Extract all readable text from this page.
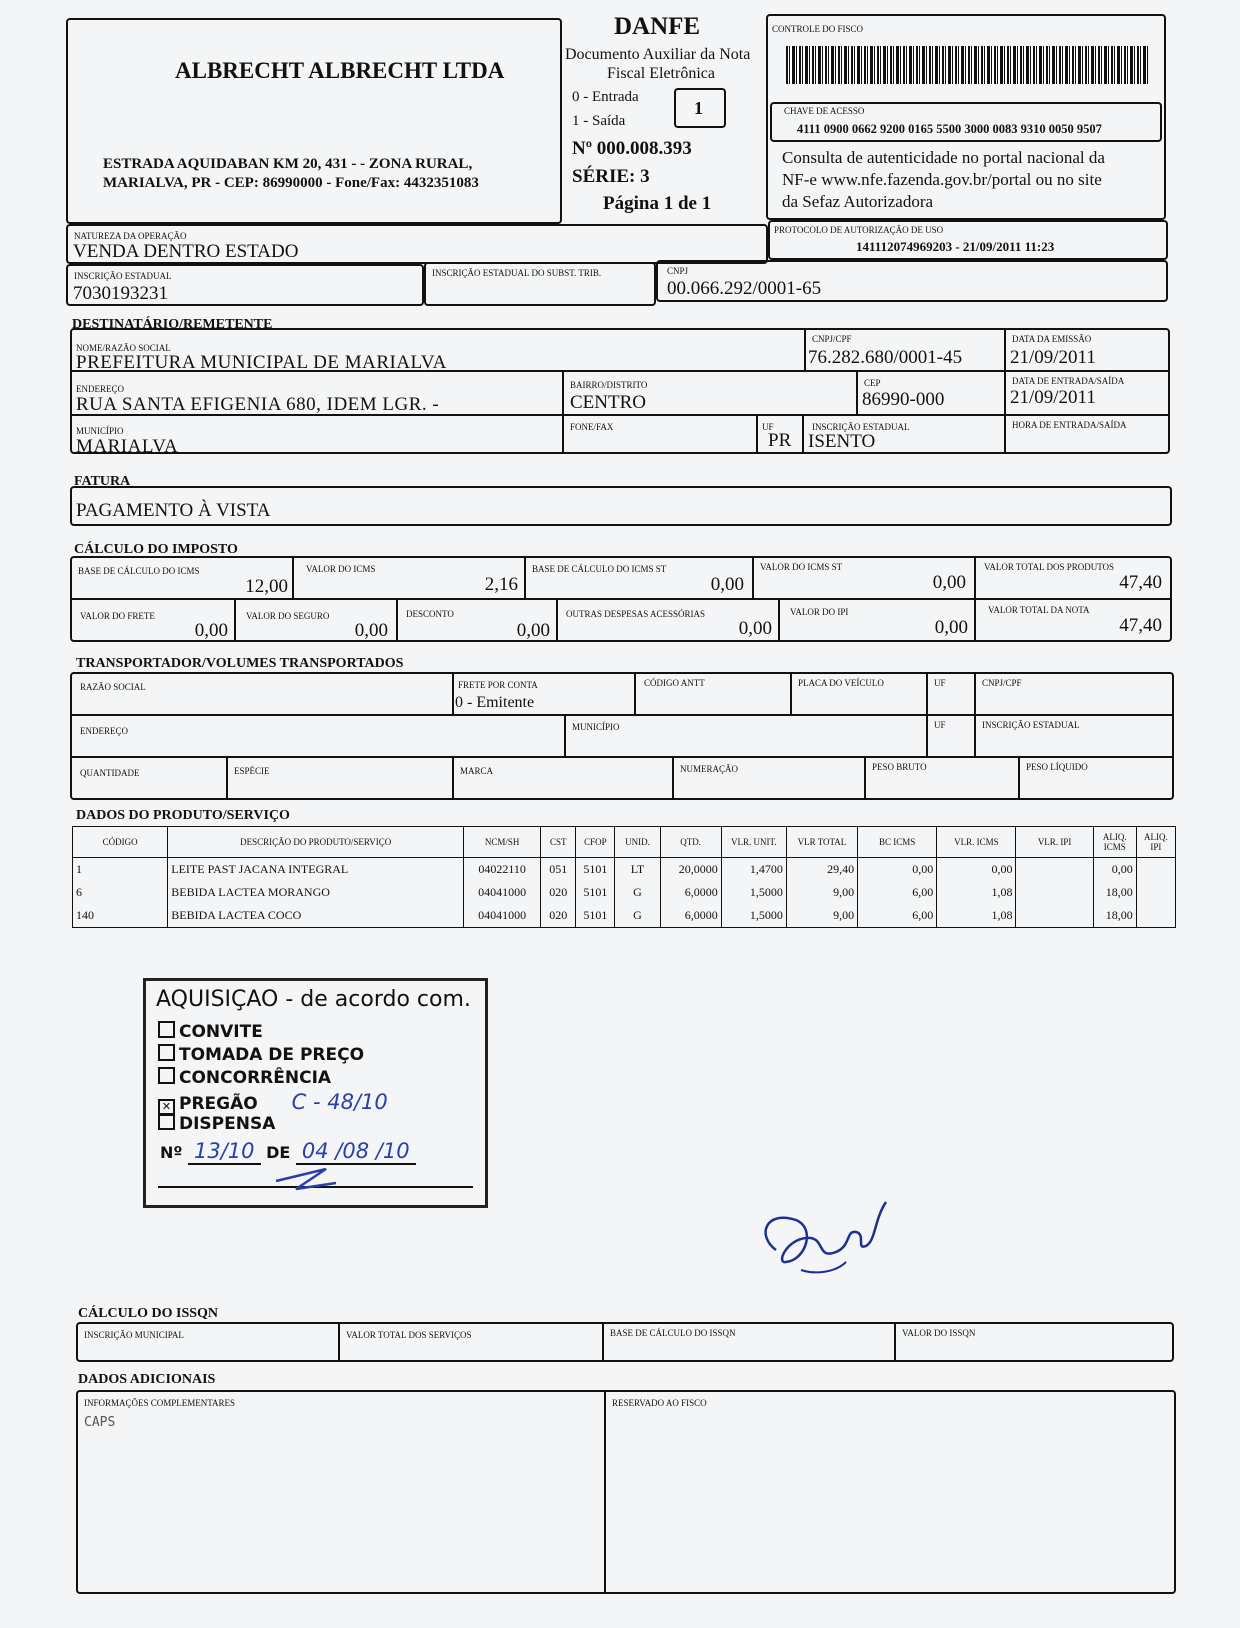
ALBRECHT ALBRECHT LTDA
ESTRADA AQUIDABAN KM 20, 431 - - ZONA RURAL,
MARIALVA, PR - CEP: 86990000 - Fone/Fax: 4432351083
DANFE
Documento Auxiliar da Nota
Fiscal Eletrônica
0 - Entrada
1 - Saída
1
Nº 000.008.393
SÉRIE: 3
Página 1 de 1
CONTROLE DO FISCO
CHAVE DE ACESSO
4111 0900 0662 9200 0165 5500 3000 0083 9310 0050 9507
Consulta de autenticidade no portal nacional da
NF-e www.nfe.fazenda.gov.br/portal ou no site
da Sefaz Autorizadora
NATUREZA DA OPERAÇÃO
VENDA DENTRO ESTADO
PROTOCOLO DE AUTORIZAÇÃO DE USO
141112074969203 - 21/09/2011 11:23
INSCRIÇÃO ESTADUAL
7030193231
INSCRIÇÃO ESTADUAL DO SUBST. TRIB.	CNPJ
00.066.292/0001-65
DESTINATÁRIO/REMETENTE
NOME/RAZÃO SOCIAL
PREFEITURA MUNICIPAL DE MARIALVA
CNPJ/CPF
76.282.680/0001-45
DATA DA EMISSÃO
21/09/2011
ENDEREÇO
RUA SANTA EFIGENIA 680, IDEM LGR. -
BAIRRO/DISTRITO
CENTRO
CEP
86990-000
DATA DE ENTRADA/SAÍDA
21/09/2011
MUNICÍPIO
MARIALVA
FONE/FAX	UF
PR
INSCRIÇÃO ESTADUAL
ISENTO
HORA DE ENTRADA/SAÍDA
FATURA
PAGAMENTO À VISTA
CÁLCULO DO IMPOSTO
BASE DE CÁLCULO DO ICMS
12,00
VALOR DO ICMS
2,16
BASE DE CÁLCULO DO ICMS ST
0,00
VALOR DO ICMS ST
0,00
VALOR TOTAL DOS PRODUTOS
47,40
VALOR DO FRETE
0,00
VALOR DO SEGURO
0,00
DESCONTO
0,00
OUTRAS DESPESAS ACESSÓRIAS
0,00
VALOR DO IPI
0,00
VALOR TOTAL DA NOTA
47,40
TRANSPORTADOR/VOLUMES TRANSPORTADOS
RAZÃO SOCIAL	FRETE POR CONTA
0 - Emitente
CÓDIGO ANTT	PLACA DO VEÍCULO	UF	CNPJ/CPF
ENDEREÇO	MUNICÍPIO	UF	INSCRIÇÃO ESTADUAL
QUANTIDADE	ESPÉCIE	MARCA	NUMERAÇÃO	PESO BRUTO	PESO LÍQUIDO
DADOS DO PRODUTO/SERVIÇO
CÓDIGO	DESCRIÇÃO DO PRODUTO/SERVIÇO	NCM/SH	CST	CFOP	UNID.	QTD.	VLR. UNIT.	VLR TOTAL	BC ICMS	VLR. ICMS	VLR. IPI	ALIQ. ICMS	ALIQ. IPI
1	LEITE PAST JACANA INTEGRAL	04022110	051	5101	LT	20,0000	1,4700	29,40	0,00	0,00		0,00	
6	BEBIDA LACTEA MORANGO	04041000	020	5101	G	6,0000	1,5000	9,00	6,00	1,08		18,00	
140	BEBIDA LACTEA COCO	04041000	020	5101	G	6,0000	1,5000	9,00	6,00	1,08		18,00	
AQUISIÇAO - de acordo com.
CONVITE
TOMADA DE PREÇO
CONCORRÊNCIA
✕ PREGÃO C - 48/10
DISPENSA
Nº 13/10 DE 04 /08 /10
CÁLCULO DO ISSQN
INSCRIÇÃO MUNICIPAL	VALOR TOTAL DOS SERVIÇOS	BASE DE CÁLCULO DO ISSQN	VALOR DO ISSQN
DADOS ADICIONAIS
INFORMAÇÕES COMPLEMENTARES
CAPS
RESERVADO AO FISCO
